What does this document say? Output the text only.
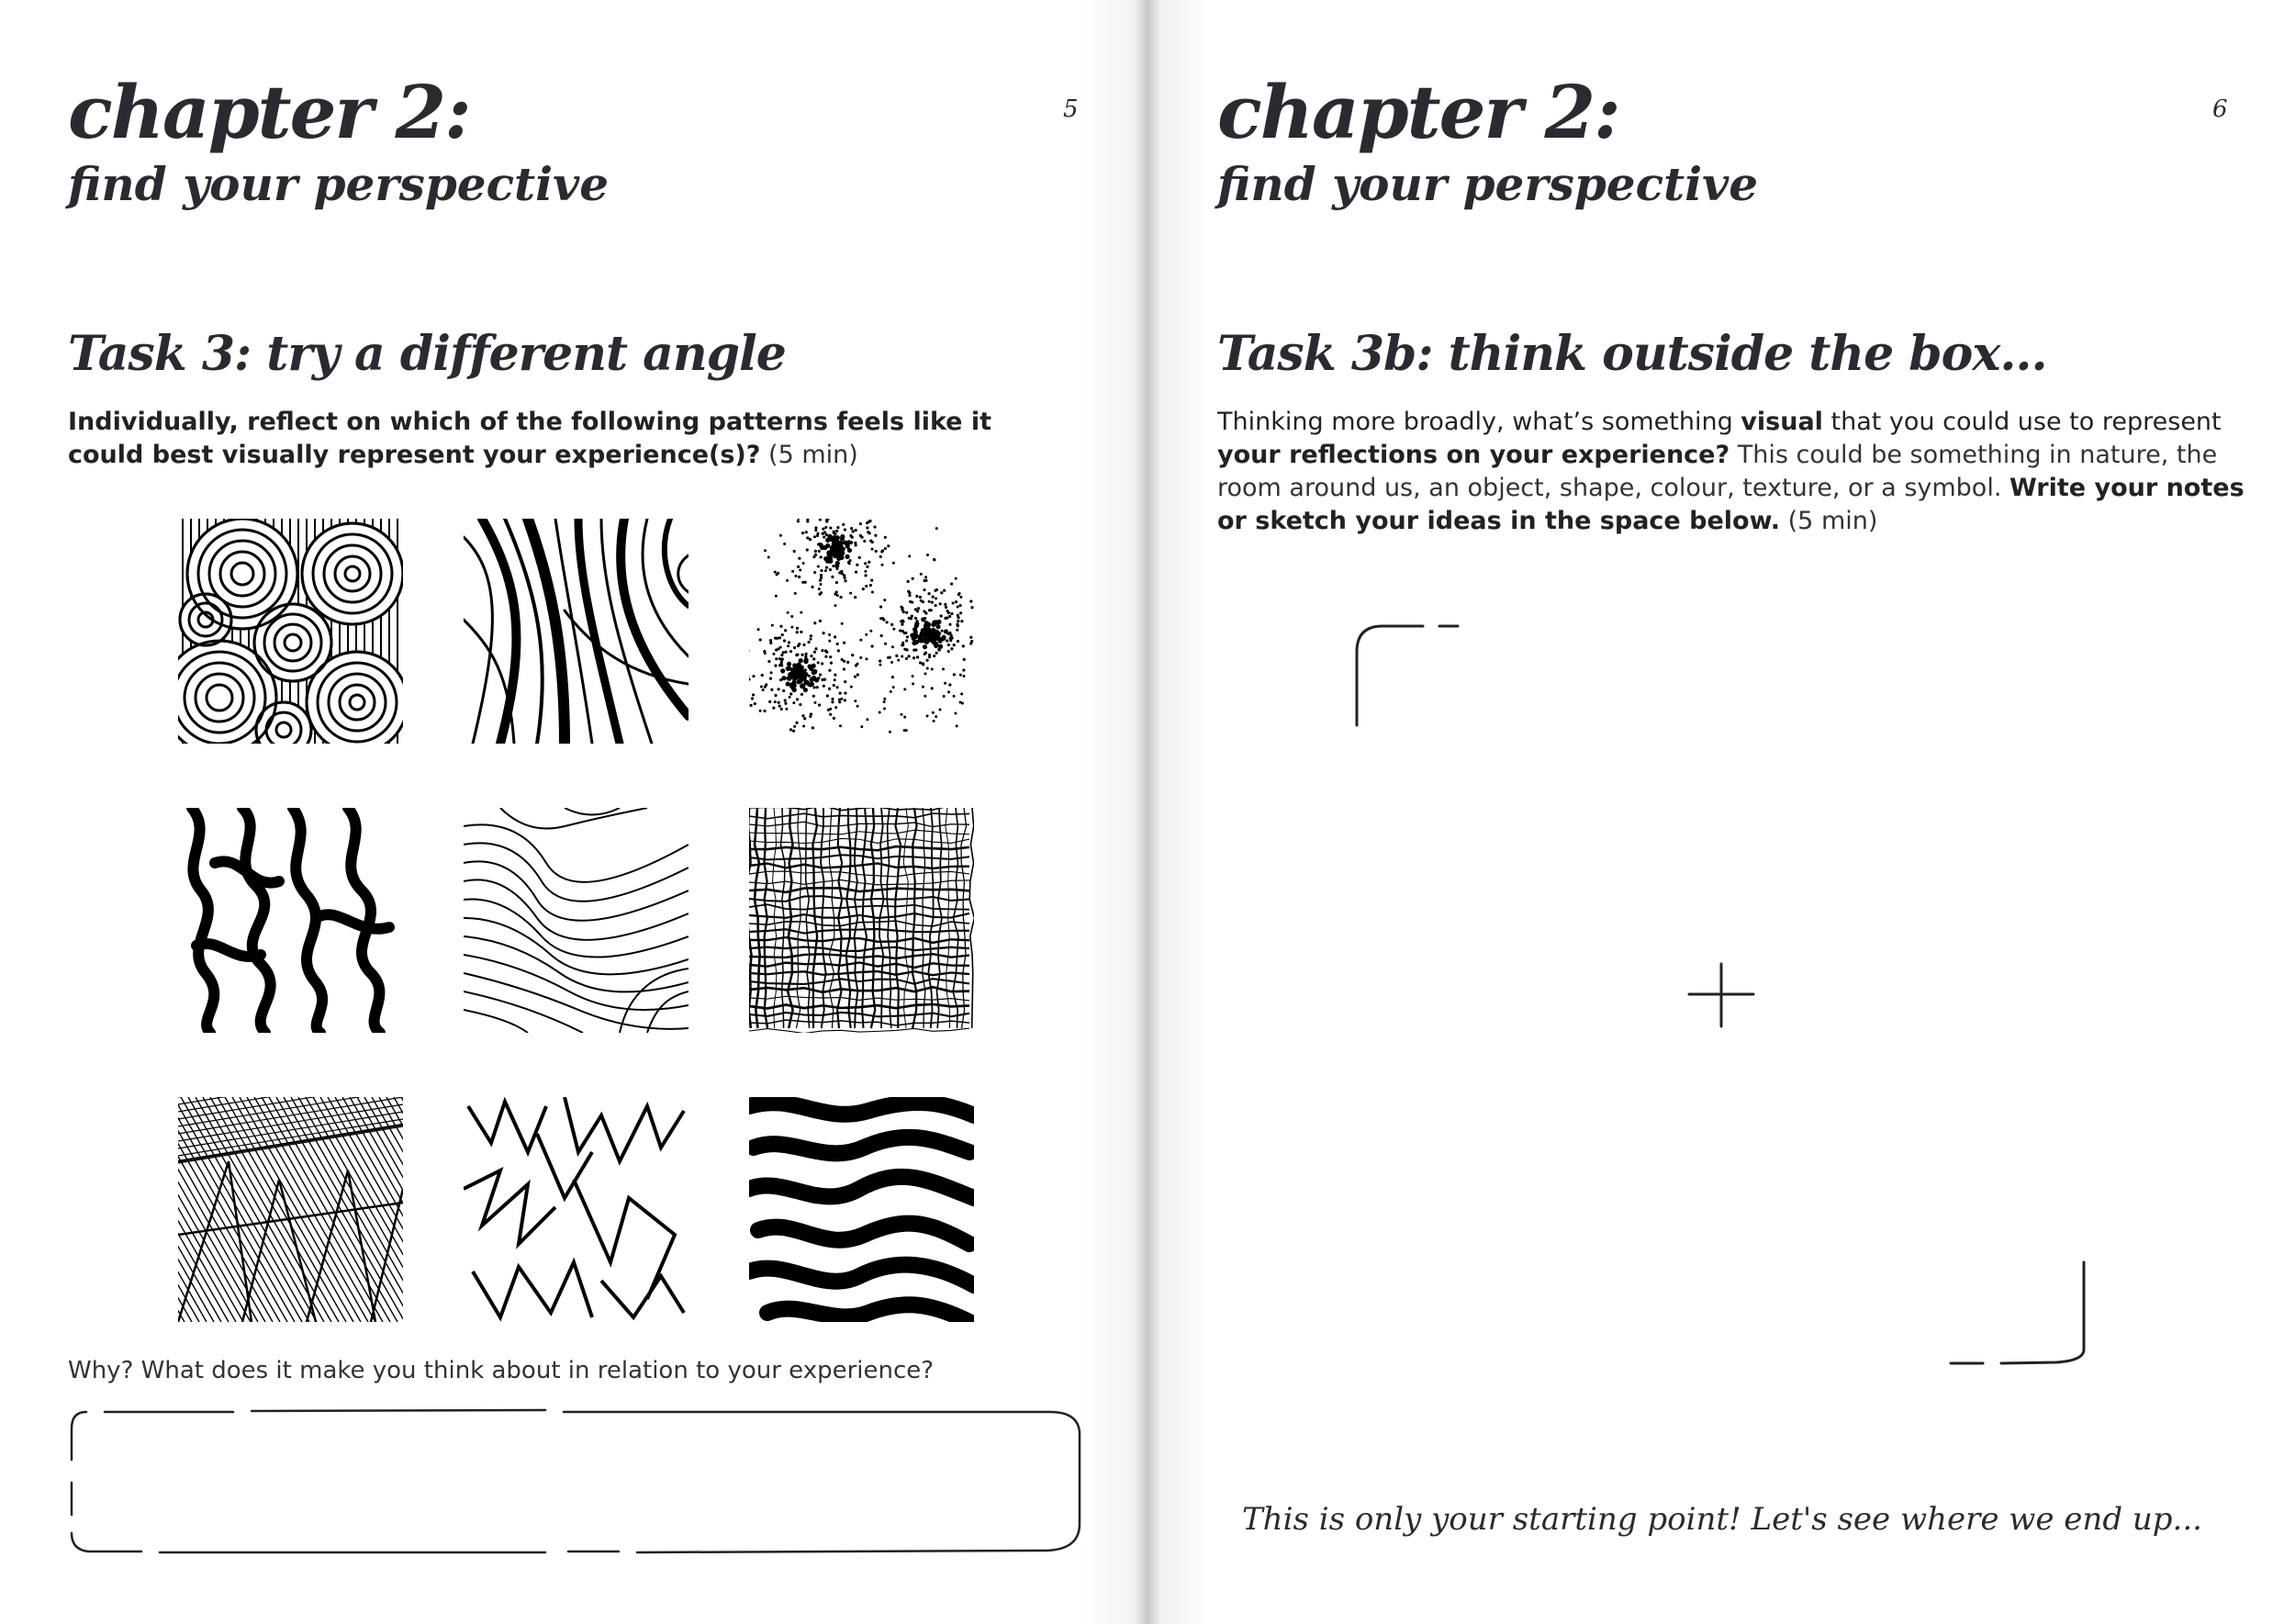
chapter 2:
find your perspective
5
Task 3: try a different angle

Individually, reflect on which of the following patterns feels like it could best visually represent your experience(s)? (5 min)

Why? What does it make you think about in relation to your experience?

chapter 2:
find your perspective
6
Task 3b: think outside the box...

Thinking more broadly, what’s something visual that you could use to represent your reflections on your experience? This could be something in nature, the room around us, an object, shape, colour, texture, or a symbol. Write your notes or sketch your ideas in the space below. (5 min)

This is only your starting point! Let's see where we end up...
